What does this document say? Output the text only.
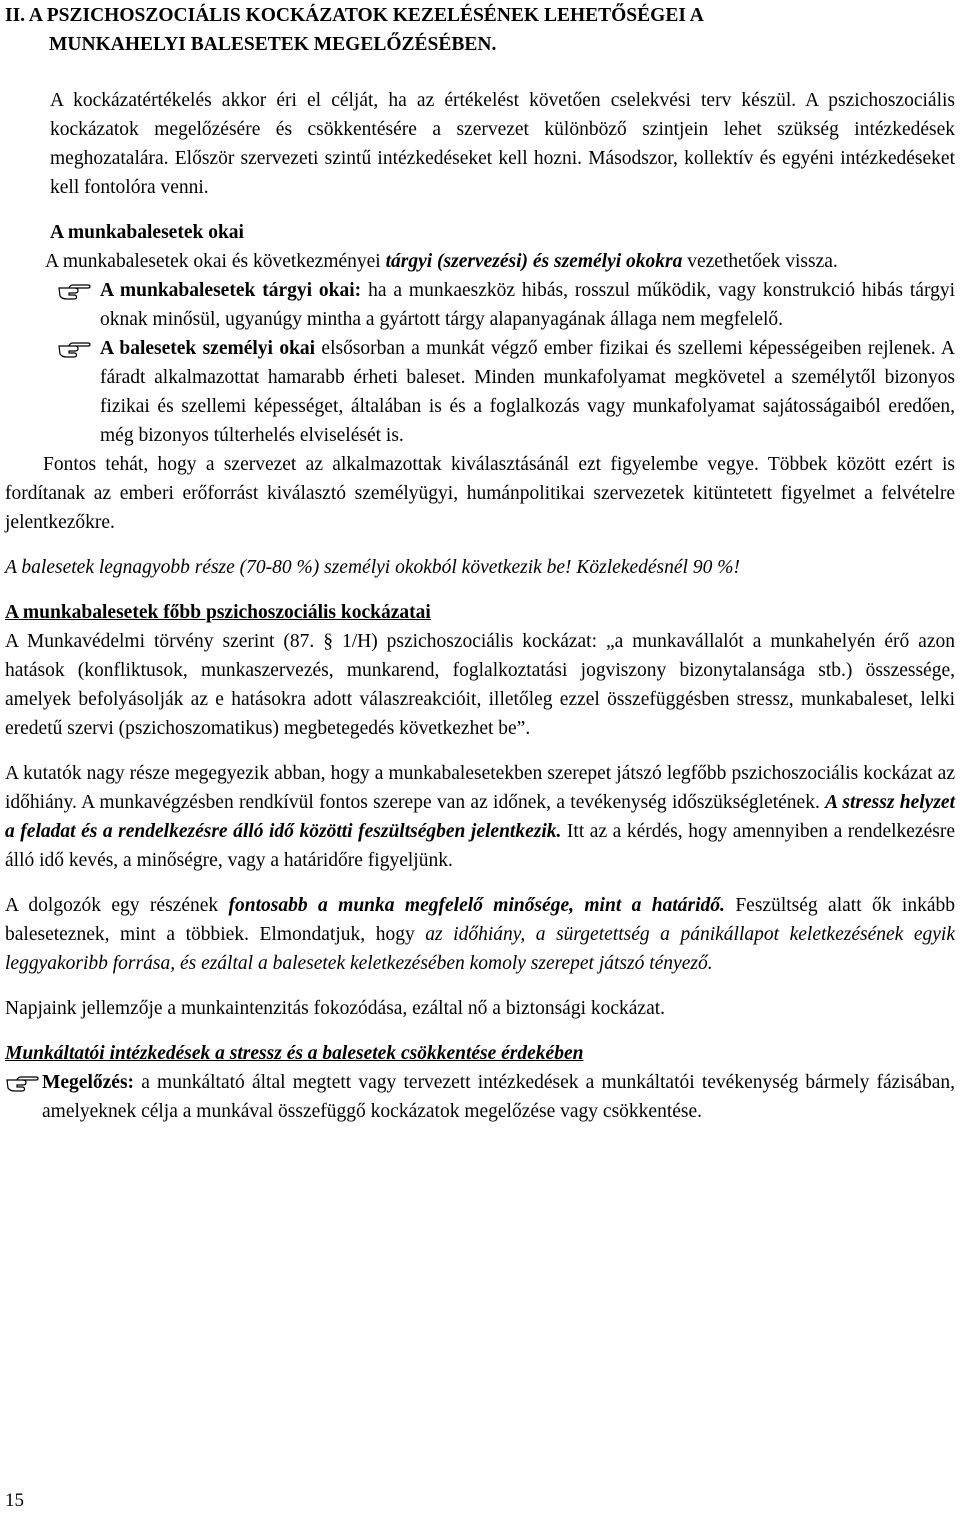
II. A PSZICHOSZOCIÁLIS KOCKÁZATOK KEZELÉSÉNEK LEHETŐSÉGEI A
MUNKAHELYI BALESETEK MEGELŐZÉSÉBEN.

A kockázatértékelés akkor éri el célját, ha az értékelést követően cselekvési terv készül. A pszichoszociális kockázatok megelőzésére és csökkentésére a szervezet különböző szintjein lehet szükség intézkedések meghozatalára. Először szervezeti szintű intézkedéseket kell hozni. Másodszor, kollektív és egyéni intézkedéseket kell fontolóra venni.

A munkabalesetek okai

A munkabalesetek okai és következményei tárgyi (szervezési) és személyi okokra vezethetőek vissza.

A munkabalesetek tárgyi okai: ha a munkaeszköz hibás, rosszul működik, vagy konstrukció hibás tárgyi oknak minősül, ugyanúgy mintha a gyártott tárgy alapanyagának állaga nem megfelelő.

A balesetek személyi okai elsősorban a munkát végző ember fizikai és szellemi képességeiben rejlenek. A fáradt alkalmazottat hamarabb érheti baleset. Minden munkafolyamat megkövetel a személytől bizonyos fizikai és szellemi képességet, általában is és a foglalkozás vagy munkafolyamat sajátosságaiból eredően, még bizonyos túlterhelés elviselését is.

Fontos tehát, hogy a szervezet az alkalmazottak kiválasztásánál ezt figyelembe vegye. Többek között ezért is fordítanak az emberi erőforrást kiválasztó személyügyi, humánpolitikai szervezetek kitüntetett figyelmet a felvételre jelentkezőkre.

A balesetek legnagyobb része (70-80 %) személyi okokból következik be! Közlekedésnél 90 %!

A munkabalesetek főbb pszichoszociális kockázatai

A Munkavédelmi törvény szerint (87. § 1/H) pszichoszociális kockázat: „a munkavállalót a munkahelyén érő azon hatások (konfliktusok, munkaszervezés, munkarend, foglalkoztatási jogviszony bizonytalansága stb.) összessége, amelyek befolyásolják az e hatásokra adott válaszreakcióit, illetőleg ezzel összefüggésben stressz, munkabaleset, lelki eredetű szervi (pszichoszomatikus) megbetegedés következhet be”.

A kutatók nagy része megegyezik abban, hogy a munkabalesetekben szerepet játszó legfőbb pszichoszociális kockázat az időhiány. A munkavégzésben rendkívül fontos szerepe van az időnek, a tevékenység időszükségletének. A stressz helyzet a feladat és a rendelkezésre álló idő közötti feszültségben jelentkezik. Itt az a kérdés, hogy amennyiben a rendelkezésre álló idő kevés, a minőségre, vagy a határidőre figyeljünk.

A dolgozók egy részének fontosabb a munka megfelelő minősége, mint a határidő. Feszültség alatt ők inkább baleseteznek, mint a többiek. Elmondatjuk, hogy az időhiány, a sürgetettség a pánikállapot keletkezésének egyik leggyakoribb forrása, és ezáltal a balesetek keletkezésében komoly szerepet játszó tényező.

Napjaink jellemzője a munkaintenzitás fokozódása, ezáltal nő a biztonsági kockázat.

Munkáltatói intézkedések a stressz és a balesetek csökkentése érdekében

Megelőzés: a munkáltató által megtett vagy tervezett intézkedések a munkáltatói tevékenység bármely fázisában, amelyeknek célja a munkával összefüggő kockázatok megelőzése vagy csökkentése.

15
